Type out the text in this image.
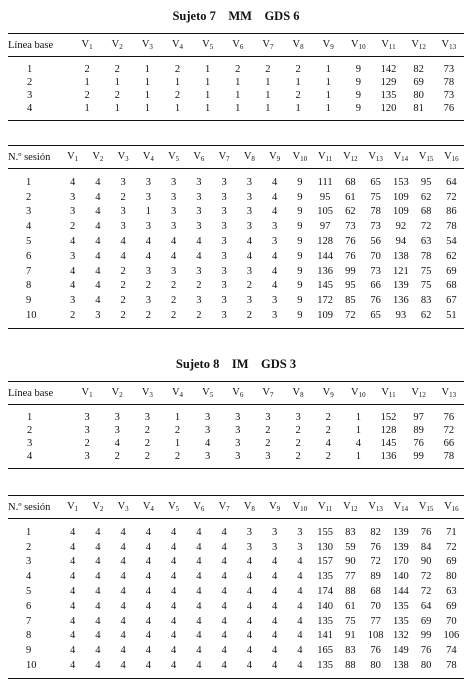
Sujeto 7    MM    GDS 6
Línea base	V1	V2	V3	V4	V5	V6	V7	V8	V9	V10	V11	V12	V13

1	2	2	1	2	1	2	2	2	1	9	142	82	73
2	1	1	1	1	1	1	1	1	1	9	129	69	78
3	2	2	1	2	1	1	1	2	1	9	135	80	73
4	1	1	1	1	1	1	1	1	1	9	120	81	76

N.º sesión	V1	V2	V3	V4	V5	V6	V7	V8	V9	V10	V11	V12	V13	V14	V15	V16

1	4	4	3	3	3	3	3	3	4	9	111	68	65	153	95	64
2	3	4	2	3	3	3	3	3	4	9	95	61	75	109	62	72
3	3	4	3	1	3	3	3	3	4	9	105	62	78	109	68	86
4	2	4	3	3	3	3	3	3	3	9	97	73	73	92	72	78
5	4	4	4	4	4	4	3	4	3	9	128	76	56	94	63	54
6	3	4	4	4	4	4	3	4	4	9	144	76	70	138	78	62
7	4	4	2	3	3	3	3	3	4	9	136	99	73	121	75	69
8	4	4	2	2	2	2	3	2	4	9	145	95	66	139	75	68
9	3	4	2	3	2	3	3	3	3	9	172	85	76	136	83	67
10	2	3	2	2	2	2	3	2	3	9	109	72	65	93	62	51

Sujeto 8    IM    GDS 3
Línea base	V1	V2	V3	V4	V5	V6	V7	V8	V9	V10	V11	V12	V13

1	3	3	3	1	3	3	3	3	2	1	152	97	76
2	3	3	2	2	3	3	2	2	2	1	128	89	72
3	2	4	2	1	4	3	2	2	4	4	145	76	66
4	3	2	2	2	3	3	3	2	2	1	136	99	78

N.º sesión	V1	V2	V3	V4	V5	V6	V7	V8	V9	V10	V11	V12	V13	V14	V15	V16

1	4	4	4	4	4	4	4	3	3	3	155	83	82	139	76	71
2	4	4	4	4	4	4	4	3	3	3	130	59	76	139	84	72
3	4	4	4	4	4	4	4	4	4	4	157	90	72	170	90	69
4	4	4	4	4	4	4	4	4	4	4	135	77	89	140	72	80
5	4	4	4	4	4	4	4	4	4	4	174	88	68	144	72	63
6	4	4	4	4	4	4	4	4	4	4	140	61	70	135	64	69
7	4	4	4	4	4	4	4	4	4	4	135	75	77	135	69	70
8	4	4	4	4	4	4	4	4	4	4	141	91	108	132	99	106
9	4	4	4	4	4	4	4	4	4	4	165	83	76	149	76	74
10	4	4	4	4	4	4	4	4	4	4	135	88	80	138	80	78
